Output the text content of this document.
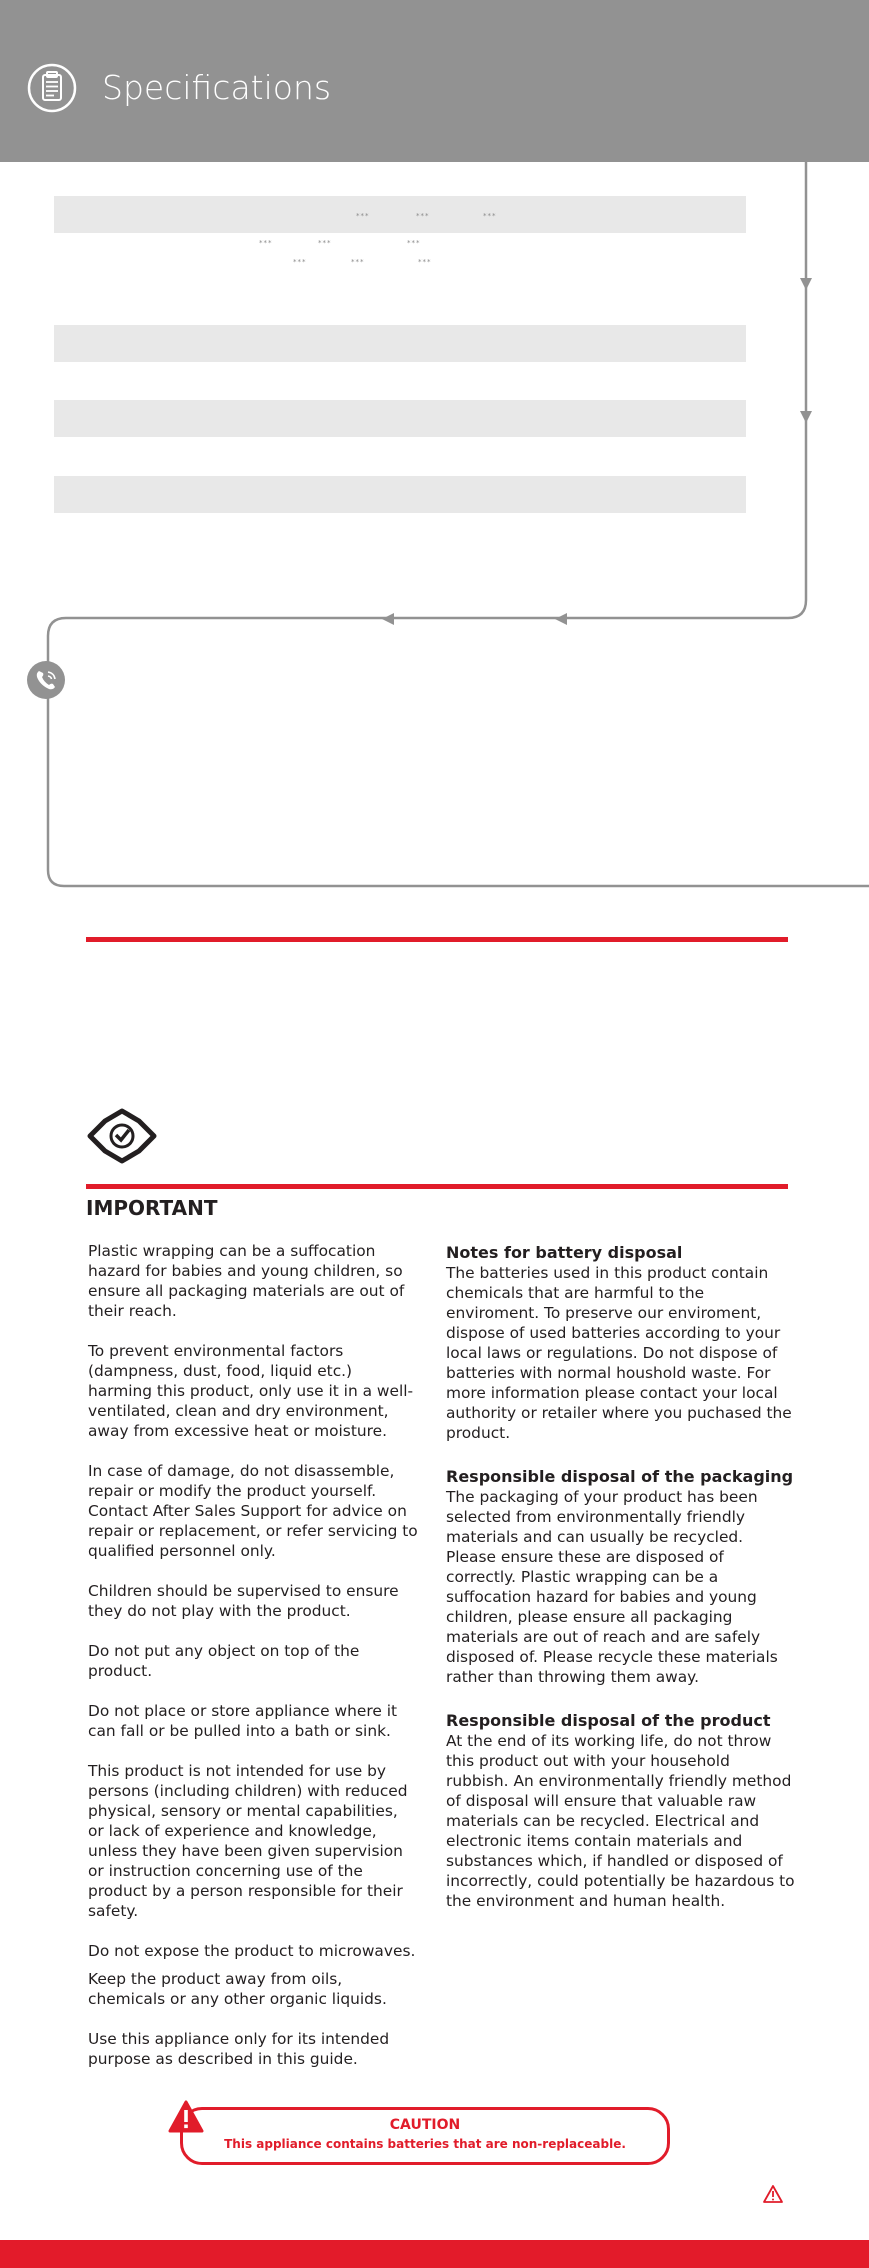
Specifications
***	***	***
***	***	***
***	***	***
IMPORTANT

Plastic wrapping can be a suffocation hazard for babies and young children, so ensure all packaging materials are out of their reach.

To prevent environmental factors (dampness, dust, food, liquid etc.) harming this product, only use it in a well-ventilated, clean and dry environment, away from excessive heat or moisture.

In case of damage, do not disassemble, repair or modify the product yourself. Contact After Sales Support for advice on repair or replacement, or refer servicing to qualified personnel only.

Children should be supervised to ensure they do not play with the product.

Do not put any object on top of the product.

Do not place or store appliance where it can fall or be pulled into a bath or sink.

This product is not intended for use by persons (including children) with reduced physical, sensory or mental capabilities, or lack of experience and knowledge, unless they have been given supervision or instruction concerning use of the product by a person responsible for their safety.

Do not expose the product to microwaves.

Keep the product away from oils, chemicals or any other organic liquids.

Use this appliance only for its intended purpose as described in this guide.

Notes for battery disposal

The batteries used in this product contain chemicals that are harmful to the enviroment. To preserve our enviroment, dispose of used batteries according to your local laws or regulations. Do not dispose of batteries with normal houshold waste. For more information please contact your local authority or retailer where you puchased the product.

Responsible disposal of the packaging

The packaging of your product has been selected from environmentally friendly materials and can usually be recycled. Please ensure these are disposed of correctly. Plastic wrapping can be a suffocation hazard for babies and young children, please ensure all packaging materials are out of reach and are safely disposed of. Please recycle these materials rather than throwing them away.

Responsible disposal of the product

At the end of its working life, do not throw this product out with your household rubbish. An environmentally friendly method of disposal will ensure that valuable raw materials can be recycled. Electrical and electronic items contain materials and substances which, if handled or disposed of incorrectly, could potentially be hazardous to the environment and human health.

CAUTION
This appliance contains batteries that are non-replaceable.
